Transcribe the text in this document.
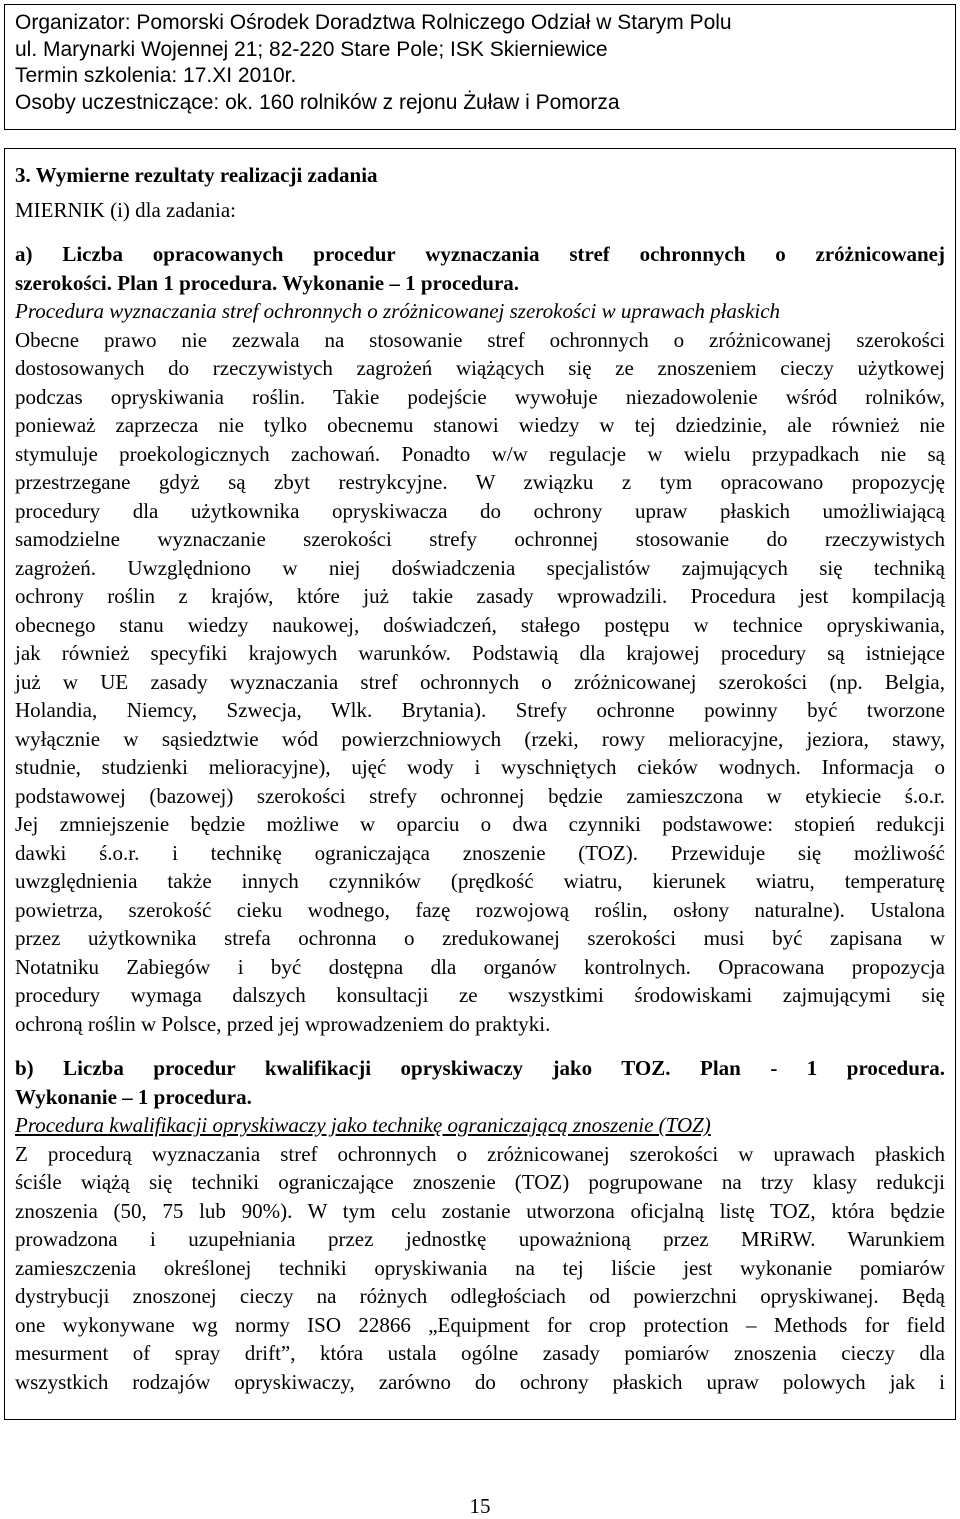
Organizator: Pomorski Ośrodek Doradztwa Rolniczego Odział w Starym Polu
ul. Marynarki Wojennej 21; 82-220 Stare Pole; ISK Skierniewice
Termin szkolenia: 17.XI 2010r.
Osoby uczestniczące: ok. 160 rolników z rejonu Żuław i Pomorza
3. Wymierne rezultaty realizacji zadania
MIERNIK (i) dla zadania:
a) Liczba opracowanych procedur wyznaczania stref ochronnych o zróżnicowanej
szerokości. Plan 1 procedura. Wykonanie – 1 procedura.
Procedura wyznaczania stref ochronnych o zróżnicowanej szerokości w uprawach płaskich
Obecne prawo nie zezwala na stosowanie stref ochronnych o zróżnicowanej szerokości
dostosowanych do rzeczywistych zagrożeń wiążących się ze znoszeniem cieczy użytkowej
podczas opryskiwania roślin. Takie podejście wywołuje niezadowolenie wśród rolników,
ponieważ zaprzecza nie tylko obecnemu stanowi wiedzy w tej dziedzinie, ale również nie
stymuluje proekologicznych zachowań. Ponadto w/w regulacje w wielu przypadkach nie są
przestrzegane gdyż są zbyt restrykcyjne. W związku z tym opracowano propozycję
procedury dla użytkownika opryskiwacza do ochrony upraw płaskich umożliwiającą
samodzielne wyznaczanie szerokości strefy ochronnej stosowanie do rzeczywistych
zagrożeń. Uwzględniono w niej doświadczenia specjalistów zajmujących się techniką
ochrony roślin z krajów, które już takie zasady wprowadzili. Procedura jest kompilacją
obecnego stanu wiedzy naukowej, doświadczeń, stałego postępu w technice opryskiwania,
jak również specyfiki krajowych warunków. Podstawią dla krajowej procedury są istniejące
już w UE zasady wyznaczania stref ochronnych o zróżnicowanej szerokości (np. Belgia,
Holandia, Niemcy, Szwecja, Wlk. Brytania). Strefy ochronne powinny być tworzone
wyłącznie w sąsiedztwie wód powierzchniowych (rzeki, rowy melioracyjne, jeziora, stawy,
studnie, studzienki melioracyjne), ujęć wody i wyschniętych cieków wodnych. Informacja o
podstawowej (bazowej) szerokości strefy ochronnej będzie zamieszczona w etykiecie ś.o.r.
Jej zmniejszenie będzie możliwe w oparciu o dwa czynniki podstawowe: stopień redukcji
dawki ś.o.r. i technikę ograniczająca znoszenie (TOZ). Przewiduje się możliwość
uwzględnienia także innych czynników (prędkość wiatru, kierunek wiatru, temperaturę
powietrza, szerokość cieku wodnego, fazę rozwojową roślin, osłony naturalne). Ustalona
przez użytkownika strefa ochronna o zredukowanej szerokości musi być zapisana w
Notatniku Zabiegów i być dostępna dla organów kontrolnych. Opracowana propozycja
procedury wymaga dalszych konsultacji ze wszystkimi środowiskami zajmującymi się
ochroną roślin w Polsce, przed jej wprowadzeniem do praktyki.
b) Liczba procedur kwalifikacji opryskiwaczy jako TOZ. Plan - 1 procedura.
Wykonanie – 1 procedura.
Procedura kwalifikacji opryskiwaczy jako technikę ograniczającą znoszenie (TOZ)
Z procedurą wyznaczania stref ochronnych o zróżnicowanej szerokości w uprawach płaskich
ściśle wiążą się techniki ograniczające znoszenie (TOZ) pogrupowane na trzy klasy redukcji
znoszenia (50, 75 lub 90%). W tym celu zostanie utworzona oficjalną listę TOZ, która będzie
prowadzona i uzupełniania przez jednostkę upoważnioną przez MRiRW. Warunkiem
zamieszczenia określonej techniki opryskiwania na tej liście jest wykonanie pomiarów
dystrybucji znoszonej cieczy na różnych odległościach od powierzchni opryskiwanej. Będą
one wykonywane wg normy ISO 22866 „Equipment for crop protection – Methods for field
mesurment of spray drift”, która ustala ogólne zasady pomiarów znoszenia cieczy dla
wszystkich rodzajów opryskiwaczy, zarówno do ochrony płaskich upraw polowych jak i
15
